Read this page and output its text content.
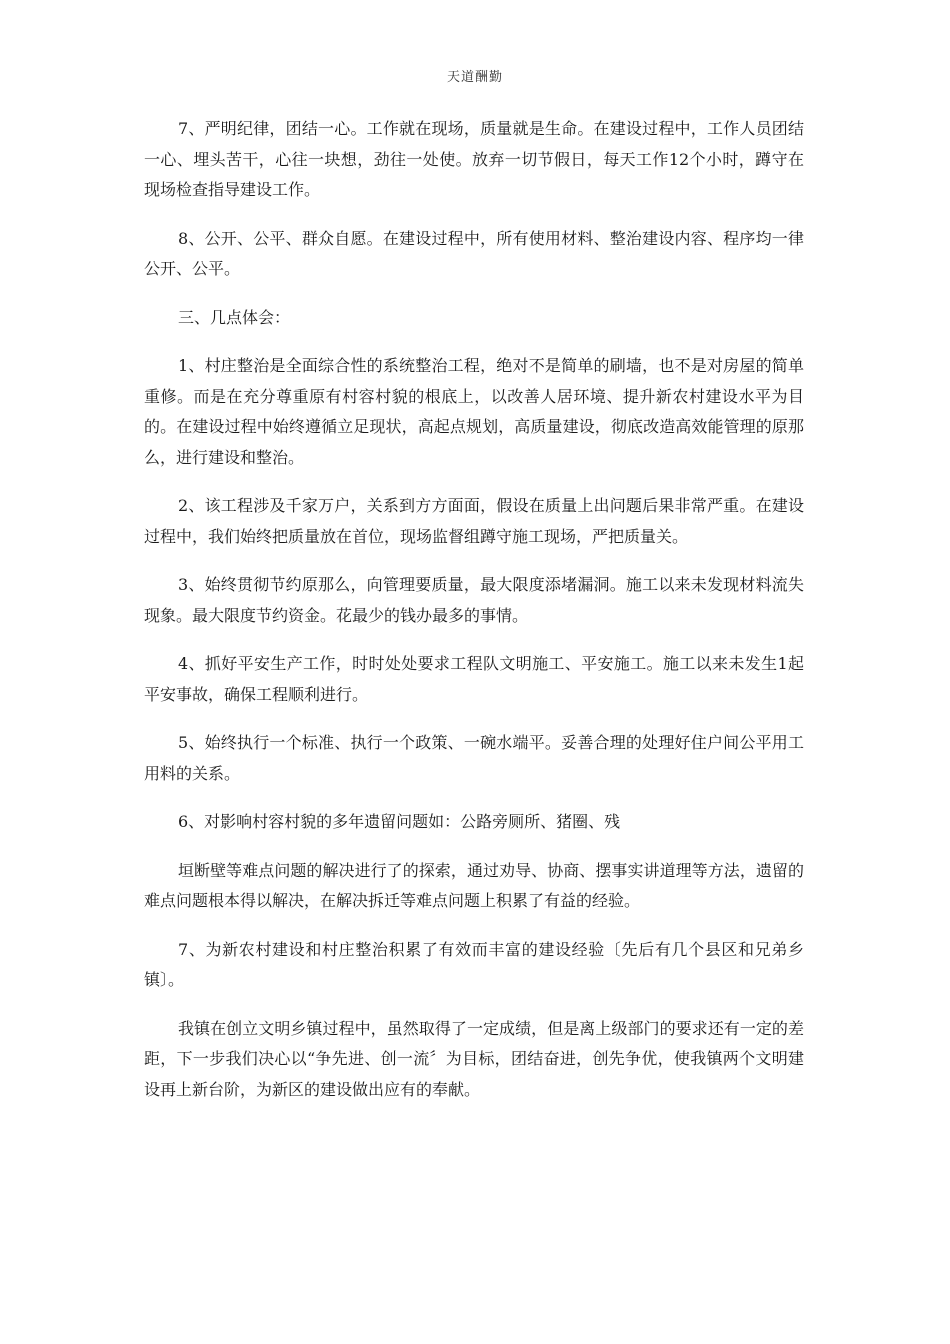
天道酬勤

7、严明纪律，团结一心。工作就在现场，质量就是生命。在建设过程中，工作人员团结一心、埋头苦干，心往一块想，劲往一处使。放弃一切节假日，每天工作12个小时，蹲守在现场检查指导建设工作。

8、公开、公平、群众自愿。在建设过程中，所有使用材料、整治建设内容、程序均一律公开、公平。

三、几点体会：

1、村庄整治是全面综合性的系统整治工程，绝对不是简单的刷墙，也不是对房屋的简单重修。而是在充分尊重原有村容村貌的根底上，以改善人居环境、提升新农村建设水平为目的。在建设过程中始终遵循立足现状，高起点规划，高质量建设，彻底改造高效能管理的原那么，进行建设和整治。

2、该工程涉及千家万户，关系到方方面面，假设在质量上出问题后果非常严重。在建设过程中，我们始终把质量放在首位，现场监督组蹲守施工现场，严把质量关。

3、始终贯彻节约原那么，向管理要质量，最大限度添堵漏洞。施工以来未发现材料流失现象。最大限度节约资金。花最少的钱办最多的事情。

4、抓好平安生产工作，时时处处要求工程队文明施工、平安施工。施工以来未发生1起平安事故，确保工程顺利进行。

5、始终执行一个标准、执行一个政策、一碗水端平。妥善合理的处理好住户间公平用工用料的关系。

6、对影响村容村貌的多年遗留问题如：公路旁厕所、猪圈、残

垣断壁等难点问题的解决进行了的探索，通过劝导、协商、摆事实讲道理等方法，遗留的难点问题根本得以解决，在解决拆迁等难点问题上积累了有益的经验。

7、为新农村建设和村庄整治积累了有效而丰富的建设经验〔先后有几个县区和兄弟乡镇〕。

我镇在创立文明乡镇过程中，虽然取得了一定成绩，但是离上级部门的要求还有一定的差距，下一步我们决心以“争先进、创一流〞为目标，团结奋进，创先争优，使我镇两个文明建设再上新台阶，为新区的建设做出应有的奉献。
